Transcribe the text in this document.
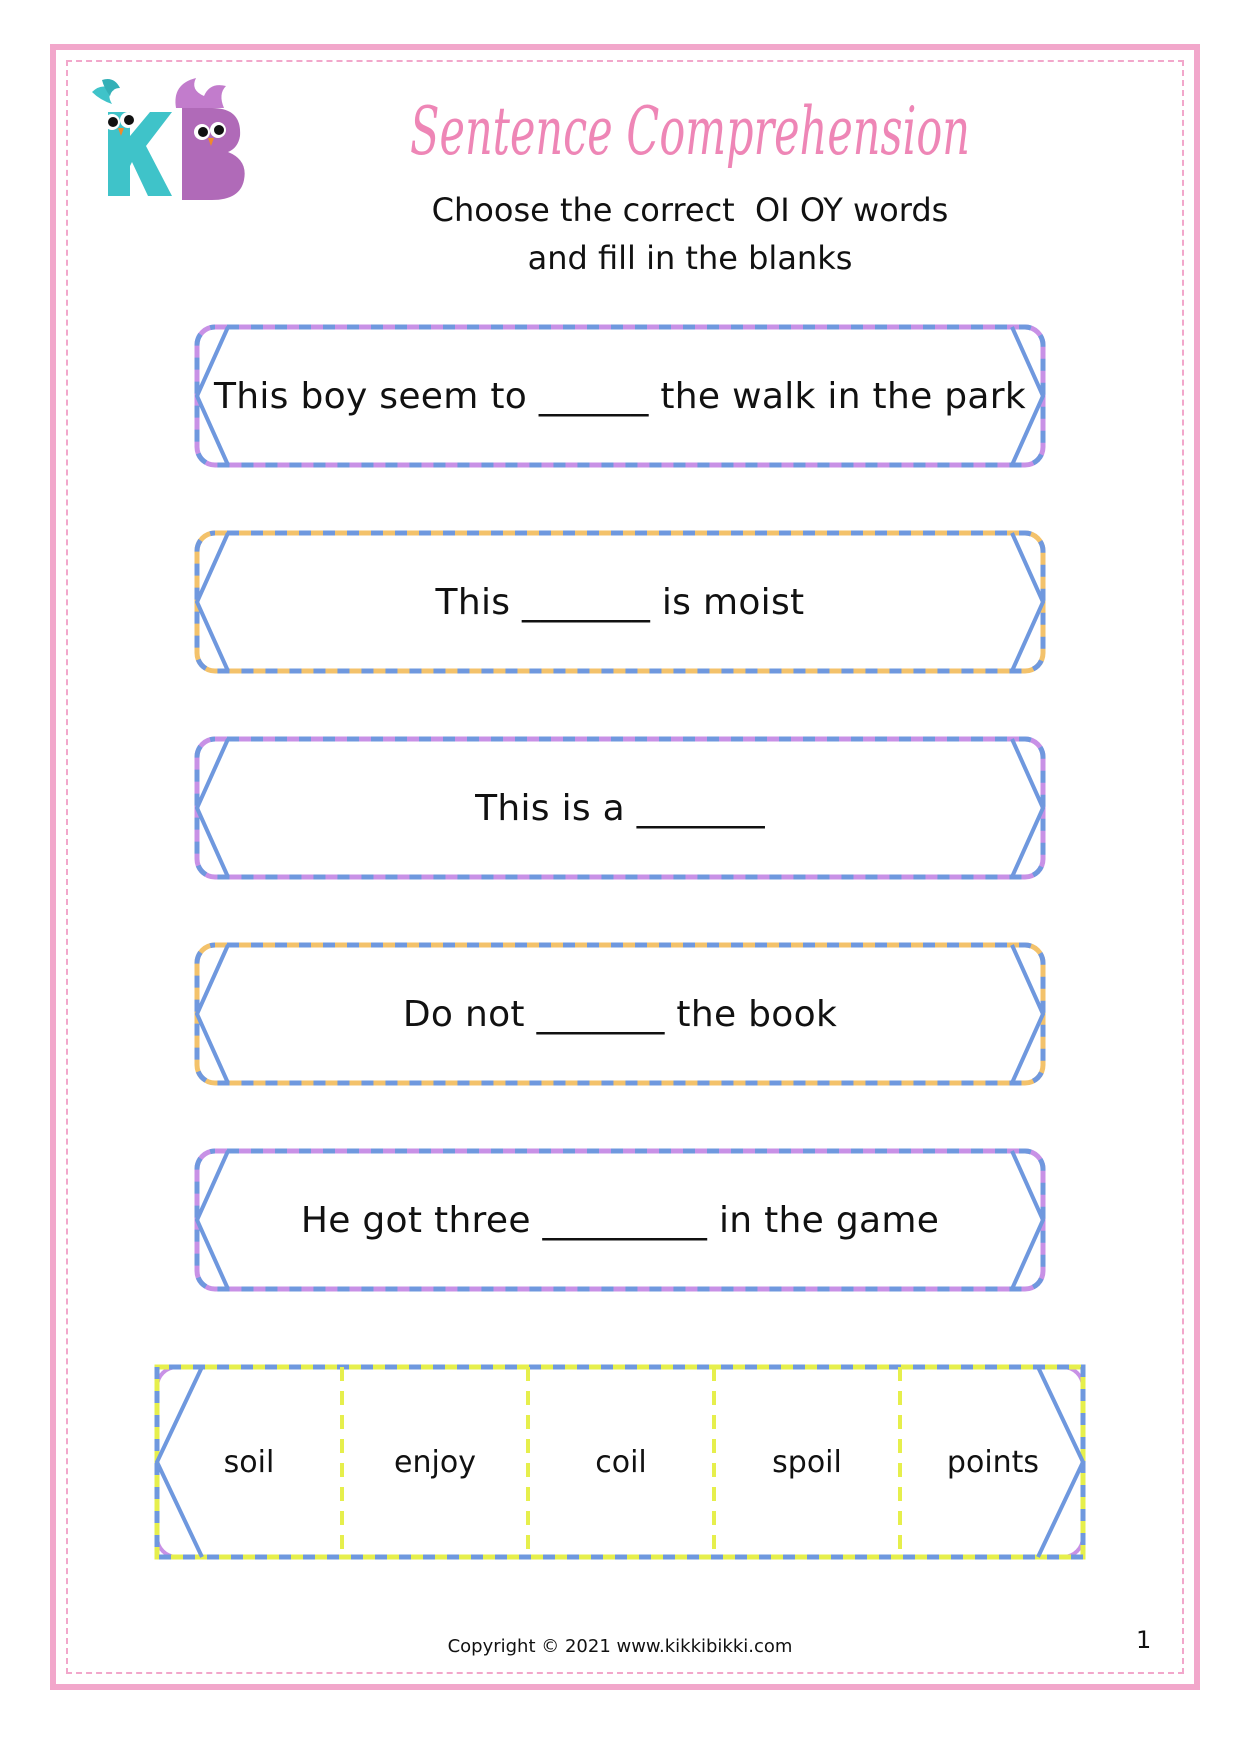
Sentence Comprehension
Choose the correct  OI OY words
and fill in the blanks
This boy seem to ______ the walk in the park
This _______ is moist
This is a _______
Do not _______ the book
He got three _________ in the game
soil	enjoy	coil	spoil	points
Copyright © 2021 www.kikkibikki.com	1
